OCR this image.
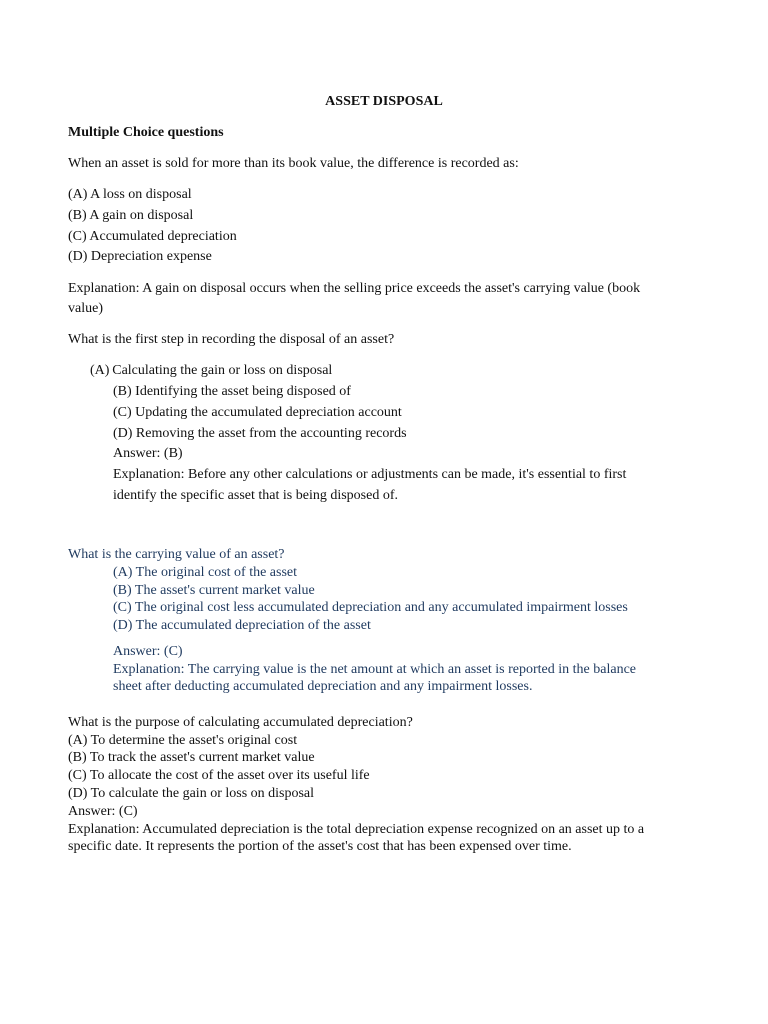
ASSET DISPOSAL

Multiple Choice questions

When an asset is sold for more than its book value, the difference is recorded as:

(A) A loss on disposal

(B) A gain on disposal

(C) Accumulated depreciation

(D) Depreciation expense

Explanation: A gain on disposal occurs when the selling price exceeds the asset's carrying value (book

value)

What is the first step in recording the disposal of an asset?

(A) Calculating the gain or loss on disposal

(B) Identifying the asset being disposed of

(C) Updating the accumulated depreciation account

(D) Removing the asset from the accounting records

Answer: (B)

Explanation: Before any other calculations or adjustments can be made, it's essential to first

identify the specific asset that is being disposed of.

What is the carrying value of an asset?

(A) The original cost of the asset

(B) The asset's current market value

(C) The original cost less accumulated depreciation and any accumulated impairment losses

(D) The accumulated depreciation of the asset

Answer: (C)

Explanation: The carrying value is the net amount at which an asset is reported in the balance

sheet after deducting accumulated depreciation and any impairment losses.

What is the purpose of calculating accumulated depreciation?

(A) To determine the asset's original cost

(B) To track the asset's current market value

(C) To allocate the cost of the asset over its useful life

(D) To calculate the gain or loss on disposal

Answer: (C)

Explanation: Accumulated depreciation is the total depreciation expense recognized on an asset up to a

specific date. It represents the portion of the asset's cost that has been expensed over time.
